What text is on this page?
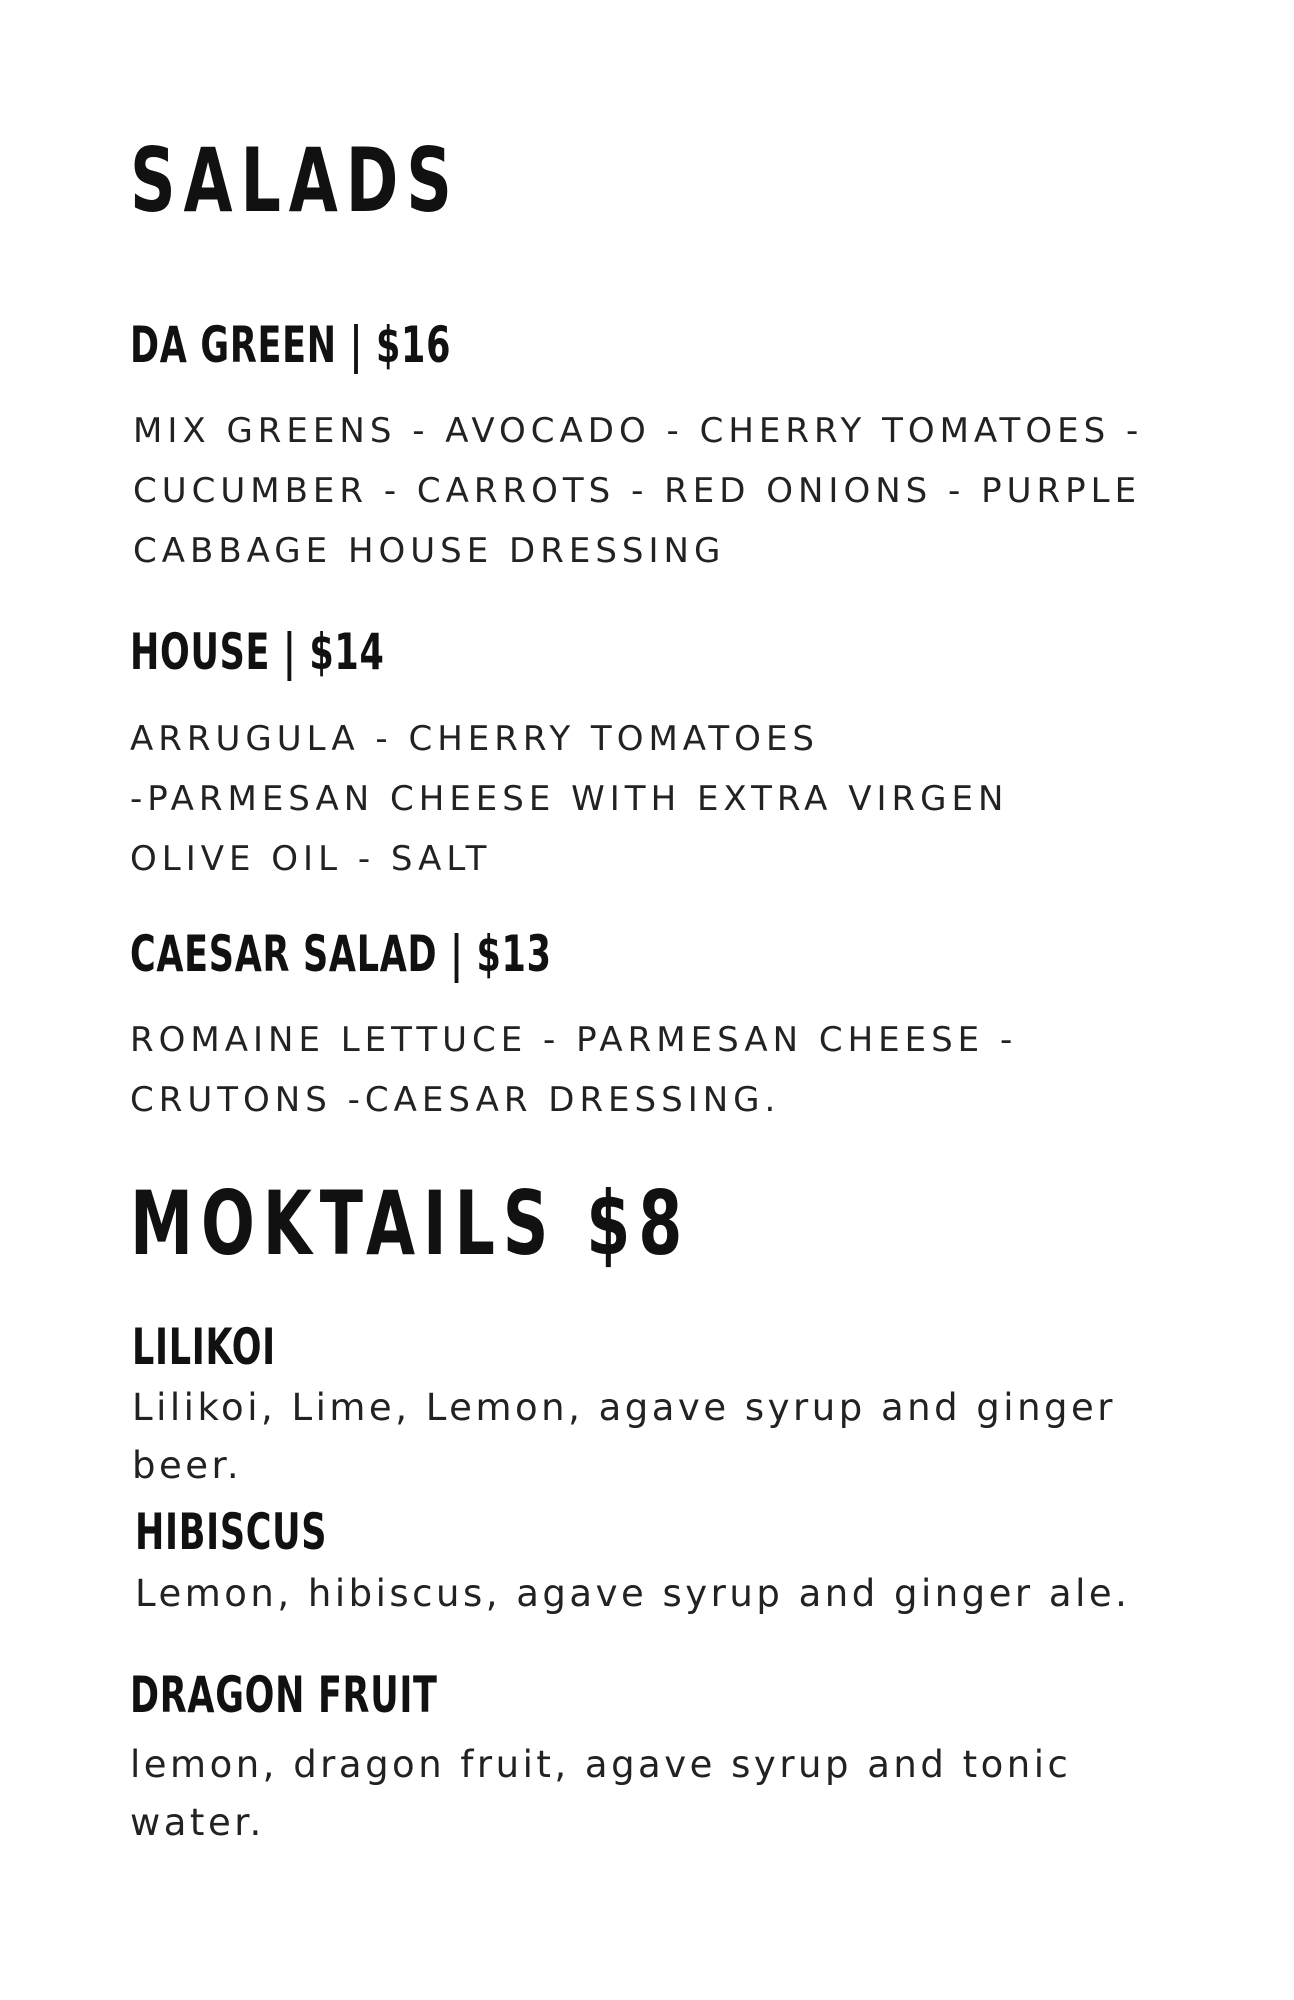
SALADS
DA GREEN | $16
MIX GREENS - AVOCADO - CHERRY TOMATOES -
CUCUMBER - CARROTS - RED ONIONS - PURPLE
CABBAGE HOUSE DRESSING
HOUSE | $14
ARRUGULA - CHERRY TOMATOES
-PARMESAN CHEESE WITH EXTRA VIRGEN
OLIVE OIL - SALT
CAESAR SALAD | $13
ROMAINE LETTUCE - PARMESAN CHEESE -
CRUTONS -CAESAR DRESSING.
MOKTAILS $8
LILIKOI
Lilikoi, Lime, Lemon, agave syrup and ginger
beer.
HIBISCUS
Lemon, hibiscus, agave syrup and ginger ale.
DRAGON FRUIT
lemon, dragon fruit, agave syrup and tonic
water.
